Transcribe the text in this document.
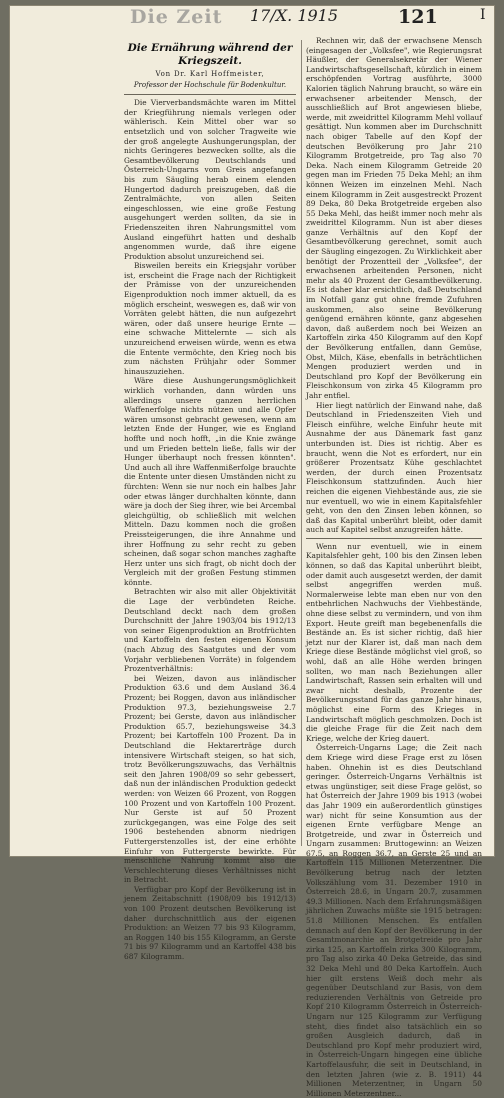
Die Zeit 17/X. 1915	121	I
Die Ernährung während der Kriegszeit.
Von Dr. Karl Hoffmeister,
Professor der Hochschule für Bodenkultur.

Die Vierverbandsmächte waren im Mittel der Kriegführung niemals verlegen oder wählerisch. Kein Mittel ober war so entsetzlich und von solcher Tragweite wie der groß angelegte Aushungerungsplan, der nichts Geringeres bezwecken sollte, als die Gesamtbevölkerung Deutschlands und Österreich-Ungarns vom Greis angefangen bis zum Säugling herab einem elenden Hungertod dadurch preiszugeben, daß die Zentralmächte, von allen Seiten eingeschlossen, wie eine große Festung ausgehungert werden sollten, da sie in Friedenszeiten ihren Nahrungsmittel vom Ausland eingeführt hatten und deshalb angenommen wurde, daß ihre eigene Produktion absolut unzureichend sei.

Bisweilen bereits ein Kriegsjahr vorüber ist, erscheint die Frage nach der Richtigkeit der Prämisse von der unzureichenden Eigenproduktion noch immer aktuell, da es möglich erscheint, weswegen es, daß wir von Vorräten gelebt hätten, die nun aufgezehrt wären, oder daß unsere heurige Ernte — eine schwache Mittelernte — sich als unzureichend erweisen würde, wenn es etwa die Entente vermöchte, den Krieg noch bis zum nächsten Frühjahr oder Sommer hinauszuziehen.

Wäre diese Aushungerungsmöglichkeit wirklich vorhanden, dann würden uns allerdings unsere ganzen herrlichen Waffenerfolge nichts nützen und alle Opfer wären umsonst gebracht gewesen, wenn am letzten Ende der Hunger, wie es England hoffte und noch hofft, „in die Knie zwänge und um Frieden betteln ließe, falls wir der Hunger überhaupt noch fressen könnten". Und auch all ihre Waffenmißerfolge brauchte die Entente unter diesen Umständen nicht zu fürchten: Wenn sie nur noch ein halbes Jahr oder etwas länger durchhalten könnte, dann wäre ja doch der Sieg ihrer, wie bei Arcembal gleichgültig, ob schließlich mit welchen Mitteln. Dazu kommen noch die großen Preissteigerungen, die ihre Annahme und ihrer Hoffnung zu sehr recht zu geben scheinen, daß sogar schon manches zaghafte Herz unter uns sich fragt, ob nicht doch der Vergleich mit der großen Festung stimmen könnte.

Betrachten wir also mit aller Objektivität die Lage der verbündeten Reiche. Deutschland deckt nach dem großen Durchschnitt der Jahre 1903/04 bis 1912/13 von seiner Eigenproduktion an Brotfrüchten und Kartoffeln den festen eigenen Konsum (nach Abzug des Saatgutes und der vom Vorjahr verbliebenen Vorräte) in folgendem Prozentverhältnis:

bei Weizen, davon aus inländischer Produktion 63.6 und dem Ausland 36.4 Prozent; bei Roggen, davon aus inländischer Produktion 97.3, beziehungsweise 2.7 Prozent; bei Gerste, davon aus inländischer Produktion 65.7, beziehungsweise 34.3 Prozent; bei Kartoffeln 100 Prozent. Da in Deutschland die Hektarerträge durch intensivere Wirtschaft steigen, so hat sich, trotz Bevölkerungszuwachs, das Verhältnis seit den Jahren 1908/09 so sehr gebessert, daß nun der inländischen Produktion gedeckt werden: von Weizen 66 Prozent, von Roggen 100 Prozent und von Kartoffeln 100 Prozent. Nur Gerste ist auf 50 Prozent zurückgegangen, was eine Folge des seit 1906 bestehenden abnorm niedrigen Futtergerstenzolles ist, der eine erhöhte Einfuhr von Futtergerste bewirkte. Für menschliche Nahrung kommt also die Verschlechterung dieses Verhältnisses nicht in Betracht.

Verfügbar pro Kopf der Bevölkerung ist in jenem Zeitabschnitt (1908/09 bis 1912/13) von 100 Prozent deutschen Bevölkerung ist daher durchschnittlich aus der eigenen Produktion: an Weizen 77 bis 93 Kilogramm, an Roggen 140 bis 155 Kilogramm, an Gerste 71 bis 97 Kilogramm und an Kartoffel 438 bis 687 Kilogramm.

Rechnen wir, daß der erwachsene Mensch (eingesagen der „Volksfee", wie Regierungsrat Häußler, der Generalsekretär der Wiener Landwirtschaftsgesellschaft, kürzlich in einem erschöpfenden Vortrag ausführte, 3000 Kalorien täglich Nahrung braucht, so wäre ein erwachsener arbeitender Mensch, der ausschließlich auf Brot angewiesen bliebe, werde, mit zweidrittel Kilogramm Mehl vollauf gesättigt. Nun kommen aber im Durchschnitt nach obiger Tabelle auf den Kopf der deutschen Bevölkerung pro Jahr 210 Kilogramm Brotgetreide, pro Tag also 70 Deka. Nach einem Kilogramm Getreide 20 gegen man im Frieden 75 Deka Mehl; an ihm können Weizen im einzelnen Mehl. Nach einem Kilogramm in Zeit ausgestreckt Prozent 89 Deka, 80 Deka Brotgetreide ergeben also 55 Deka Mehl, das heißt immer noch mehr als zweidrittel Kilogramm. Nun ist aber dieses ganze Verhältnis auf den Kopf der Gesamtbevölkerung gerechnet, somit auch der Säugling eingezogen. Zu Wirklichkeit aber benötigt der Prozentteil der „Volksfee", der erwachsenen arbeitenden Personen, nicht mehr als 40 Prozent der Gesamtbevölkerung. Es ist daher klar ersichtlich, daß Deutschland im Notfall ganz gut ohne fremde Zufuhren auskommen, also seine Bevölkerung genügend ernähren könnte, ganz abgesehen davon, daß außerdem noch bei Weizen an Kartoffeln zirka 450 Kilogramm auf den Kopf der Bevölkerung entfallen, dann Gemüse, Obst, Milch, Käse, ebenfalls in beträchtlichen Mengen produziert werden und in Deutschland pro Kopf der Bevölkerung ein Fleischkonsum von zirka 45 Kilogramm pro Jahr entfiel.

Hier liegt natürlich der Einwand nahe, daß Deutschland in Friedenszeiten Vieh und Fleisch einführe, welche Einfuhr heute mit Ausnahme der aus Dänemark fast ganz unterbunden ist. Dies ist richtig. Aber es braucht, wenn die Not es erfordert, nur ein größerer Prozentsatz Kühe geschlachtet werden, der durch einen Prozentsatz Fleischkonsum stattzufinden. Auch hier reichen die eigenen Viehbestände aus, zie sie nur eventuell, wo wie in einem Kapitalsfehler geht, von den den Zinsen leben können, so daß das Kapital unberührt bleibt, oder damit auch auf Kapitel selbst anzugreifen hätte.

Wenn nur eventuell, wie in einem Kapitalsfehler geht, 100 bis den Zinsen leben können, so daß das Kapital unberührt bleibt, oder damit auch ausgesetzt werden, der damit selbst angegriffen werden muß. Normalerweise lebte man eben nur von den entbehrlichen Nachwuchs der Viehbestände, ohne diese selbst zu vermindern, und von ihm Export. Heute greift man begebenenfalls die Bestände an. Es ist sicher richtig, daß hier jetzt nur der Klarer ist, daß man nach dem Kriege diese Bestände möglichst viel groß, so wohl, daß an alle Höhe werden bringen sollten, wo man nach Beziehungen aller Landwirtschaft, Rassen sein erhalten will und zwar nicht deshalb, Prozente der Bevölkerungsstand für das ganze Jahr hinaus, möglichst eine Form des Krieges in Landwirtschaft möglich geschmolzen. Doch ist die gleiche Frage für die Zeit nach dem Kriege, welche der Krieg dauert.

Österreich-Ungarns Lage; die Zeit nach dem Kriege wird diese Frage erst zu lösen haben. Ohnehin ist es dies Deutschland geringer. Österreich-Ungarns Verhältnis ist etwas ungünstiger, seit diese Frage gelöst, so hat Österreich der Jahre 1909 bis 1913 (wobei das Jahr 1909 ein außerordentlich günstiges war) nicht für seine Konsumtion aus der eigenen Ernte verfügbare Menge an Brotgetreide, und zwar in Österreich und Ungarn zusammen: Bruttogewinn: an Weizen 67.5, an Roggen 36.7, an Gerste 25 und an Kartoffeln 115 Millionen Meterzentner. Die Bevölkerung betrug nach der letzten Volkszählung vom 31. Dezember 1910 in Österreich 28.6, in Ungarn 20.7, zusammen 49.3 Millionen. Nach dem Erfahrungsmäßigen jährlichen Zuwachs müßte sie 1915 betragen: 51.8 Millionen Menschen. Es entfallen demnach auf den Kopf der Bevölkerung in der Gesamtmonarchie an Brotgetreide pro Jahr zirka 125, an Kartoffeln zirka 300 Kilogramm, pro Tag also zirka 40 Deka Getreide, das sind 32 Deka Mehl und 80 Deka Kartoffeln. Auch hier gilt erstens Weiß doch mehr als gegenüber Deutschland zur Basis, von dem reduzierenden Verhältnis von Getreide pro Kopf 210 Kilogramm Österreich in Österreich-Ungarn nur 125 Kilogramm zur Verfügung steht, dies findet also tatsächlich ein so großen Ausgleich dadurch, daß in Deutschland pro Kopf mehr produziert wird, in Österreich-Ungarn hingegen eine übliche Kartoffelausfuhr, die seit in Deutschland, in den letzten Jahren (wie z. B. 1911) 44 Millionen Meterzentner, in Ungarn 50 Millionen Meterzentner...
